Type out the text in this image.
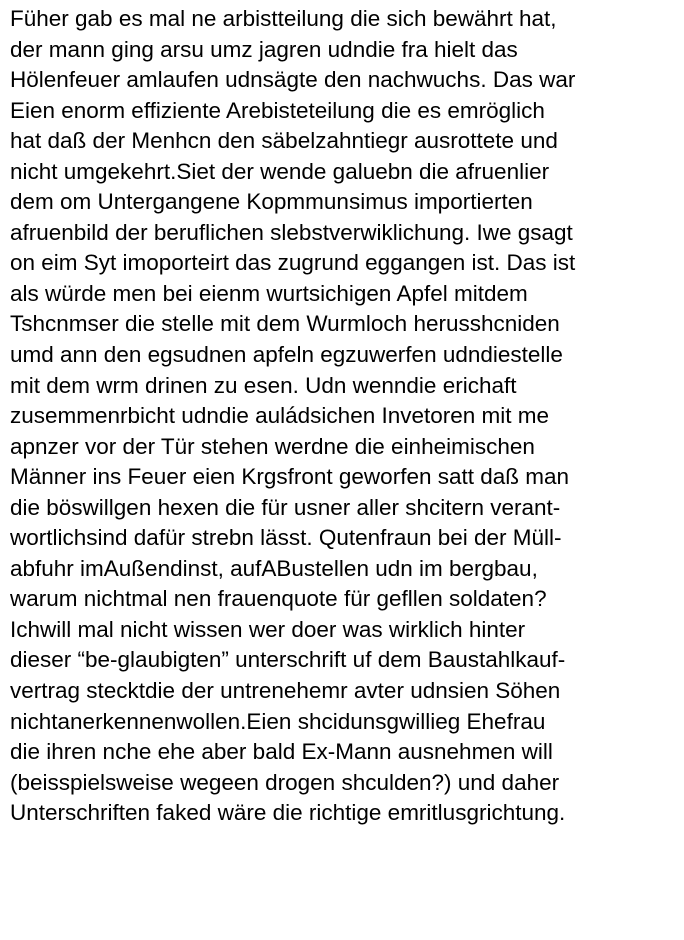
Füher gab es mal ne arbistteilung die sich bewährt hat,
der mann ging arsu umz jagren udndie fra hielt das
Hölenfeuer amlaufen udnsägte den nachwuchs. Das war
Eien enorm effiziente Arebisteteilung die es emröglich
hat daß der Menhcn den säbelzahntiegr ausrottete und
nicht umgekehrt.Siet der wende galuebn die afruenlier
dem om Untergangene Kopmmunsimus importierten
afruenbild der beruflichen slebstverwiklichung. Iwe gsagt
on eim Syt imoporteirt das zugrund eggangen ist. Das ist
als würde men bei eienm wurtsichigen Apfel mitdem
Tshcnmser die stelle mit dem Wurmloch herusshcniden
umd ann den egsudnen apfeln egzuwerfen udndiestelle
mit dem wrm drinen zu esen. Udn wenndie erichaft
zusemmenrbicht udndie auládsichen Invetoren mit me
apnzer vor der Tür stehen werdne die einheimischen
Männer ins Feuer eien Krgsfront geworfen satt daß man
die böswillgen hexen die für usner aller shcitern verant-
wortlichsind dafür strebn lässt. Qutenfraun bei der Müll-
abfuhr imAußendinst, aufABustellen udn im bergbau,
warum nichtmal nen frauenquote für gefllen soldaten?
Ichwill mal nicht wissen wer doer was wirklich hinter
dieser “be-glaubigten” unterschrift uf dem Baustahlkauf-
vertrag stecktdie der untrenehemr avter udnsien Söhen
nichtanerkennenwollen.Eien shcidunsgwillieg Ehefrau
die ihren nche ehe aber bald Ex-Mann ausnehmen will
(beisspielsweise wegeen drogen shculden?) und daher
Unterschriften faked wäre die richtige emritlusgrichtung.
